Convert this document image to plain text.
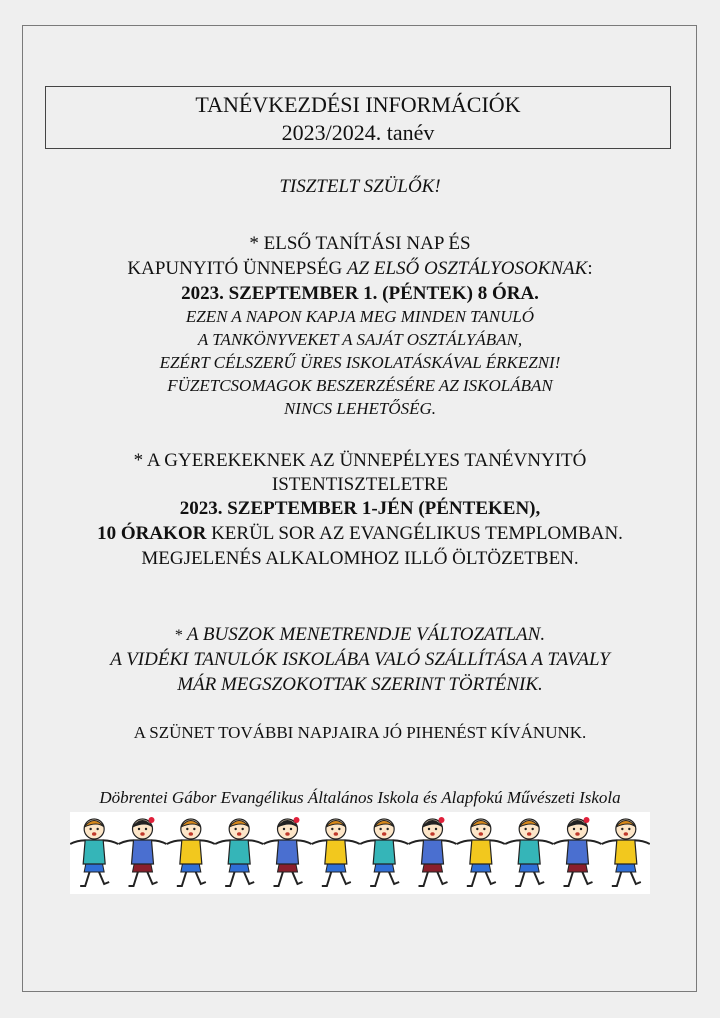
TANÉVKEZDÉSI INFORMÁCIÓK
2023/2024. tanév
TISZTELT SZÜLŐK!
* ELSŐ TANÍTÁSI NAP ÉS
KAPUNYITÓ ÜNNEPSÉG AZ ELSŐ OSZTÁLYOSOKNAK:
2023. SZEPTEMBER 1. (PÉNTEK) 8 ÓRA.
EZEN A NAPON KAPJA MEG MINDEN TANULÓ
A TANKÖNYVEKET A SAJÁT OSZTÁLYÁBAN,
EZÉRT CÉLSZERŰ ÜRES ISKOLATÁSKÁVAL ÉRKEZNI!
FÜZETCSOMAGOK BESZERZÉSÉRE AZ ISKOLÁBAN
NINCS LEHETŐSÉG.
* A GYEREKEKNEK AZ ÜNNEPÉLYES TANÉVNYITÓ
ISTENTISZTELETRE
2023. SZEPTEMBER 1-JÉN (PÉNTEKEN),
10 ÓRAKOR KERÜL SOR AZ EVANGÉLIKUS TEMPLOMBAN.
MEGJELENÉS ALKALOMHOZ ILLŐ ÖLTÖZETBEN.
* A BUSZOK MENETRENDJE VÁLTOZATLAN.
A VIDÉKI TANULÓK ISKOLÁBA VALÓ SZÁLLÍTÁSA A TAVALY
MÁR MEGSZOKOTTAK SZERINT TÖRTÉNIK.
A SZÜNET TOVÁBBI NAPJAIRA JÓ PIHENÉST KÍVÁNUNK.
Döbrentei Gábor Evangélikus Általános Iskola és Alapfokú Művészeti Iskola
